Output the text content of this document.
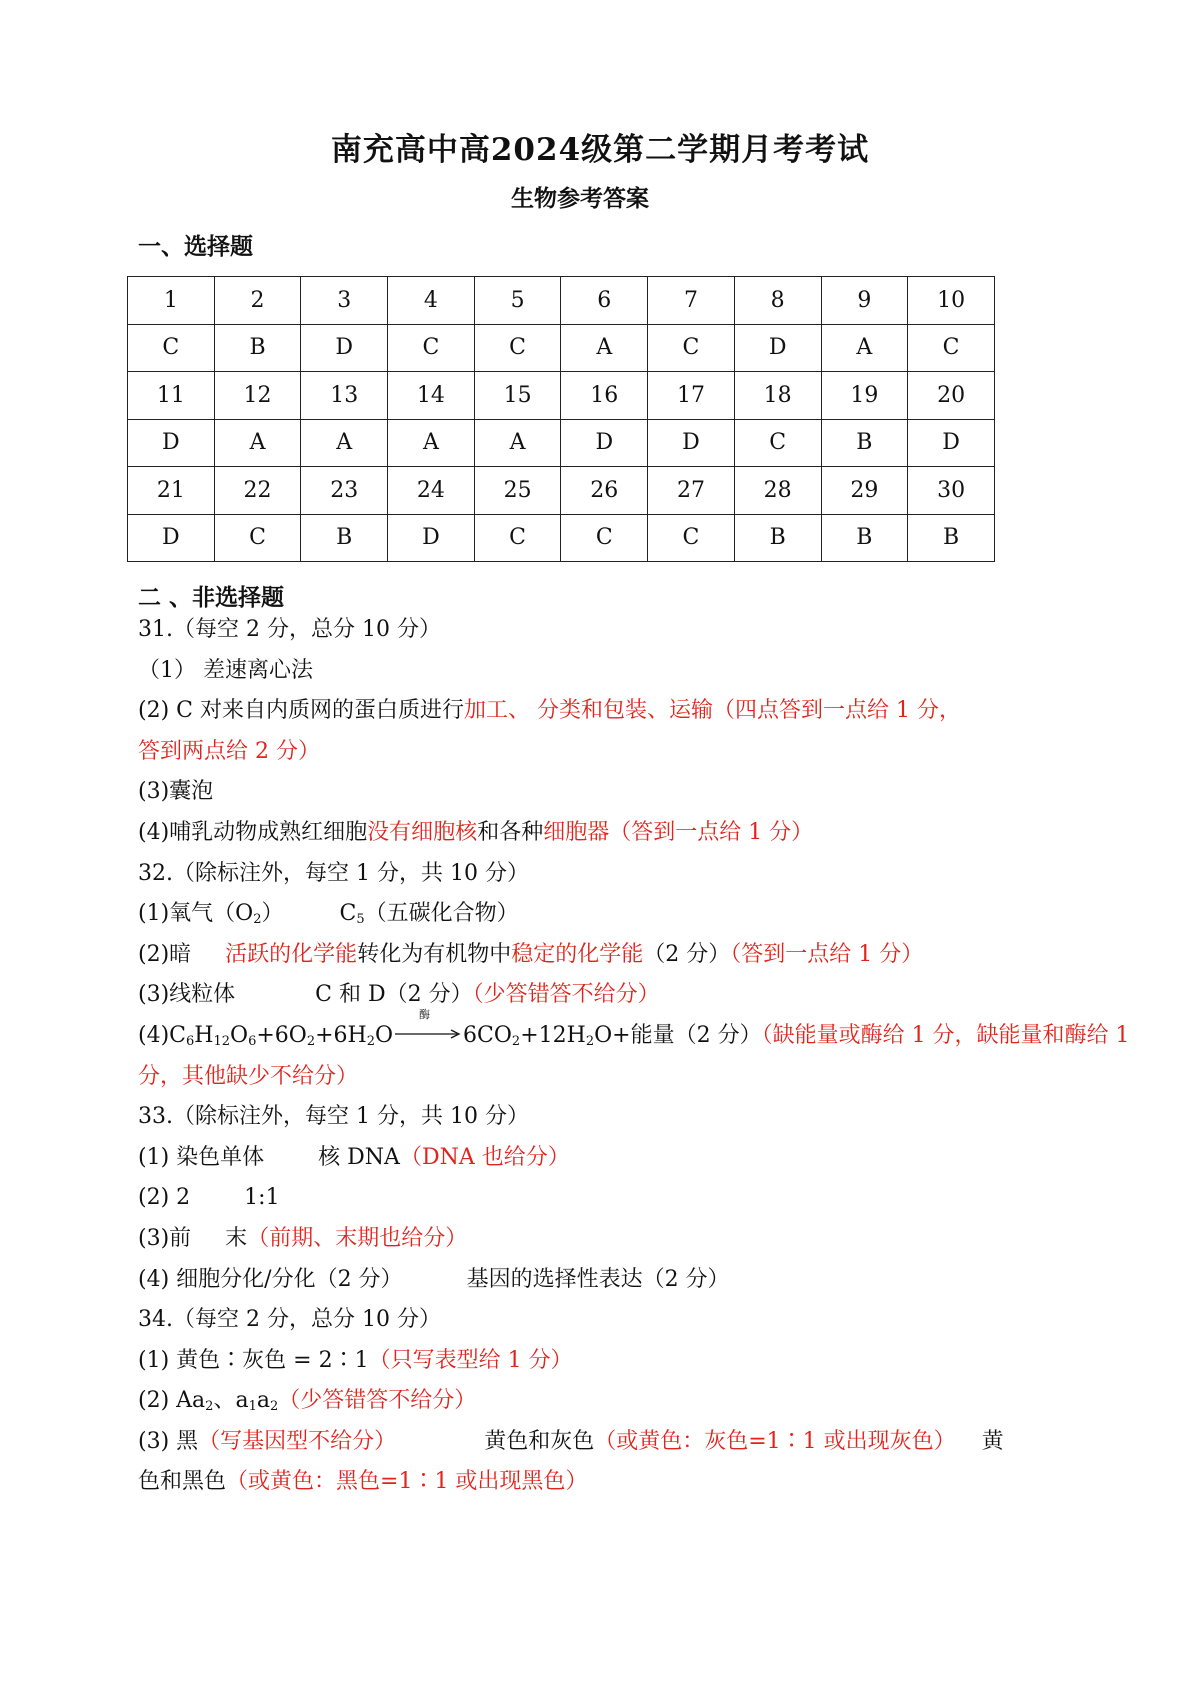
南充高中高2024级第二学期月考考试
生物参考答案
一、选择题
1	2	3	4	5	6	7	8	9	10
C	B	D	C	C	A	C	D	A	C
11	12	13	14	15	16	17	18	19	20
D	A	A	A	A	D	D	C	B	D
21	22	23	24	25	26	27	28	29	30
D	C	B	D	C	C	C	B	B	B
二 、非选择题
31.（每空 2 分，总分 10 分）
（1） 差速离心法
(2) C 对来自内质网的蛋白质进行加工、 分类和包装、运输（四点答到一点给 1 分，
答到两点给 2 分）
(3)囊泡
(4)哺乳动物成熟红细胞没有细胞核和各种细胞器（答到一点给 1 分）
32.（除标注外，每空 1 分，共 10 分）
(1)氧气$(O_2)$	$C_5$（五碳化合物）
(2)暗 活跃的化学能转化为有机物中稳定的化学能（2 分）（答到一点给 1 分）
(3)线粒体	C 和 D（2 分）（少答错答不给分）
$(4)C_6H_{12}O_6+6O_2+6H_2O$
酶
$6CO_2+12H_2O+$能量（2 分）（缺能量或酶给 1 分，缺能量和酶给 1
分，其他缺少不给分）
33.（除标注外，每空 1 分，共 10 分）
(1) 染色单体 核 DNA（DNA 也给分）
(2) 2 1:1
(3)前 末（前期、末期也给分）
(4) 细胞分化/分化（2 分）	基因的选择性表达（2 分）
34.（每空 2 分，总分 10 分）
(1) 黄色∶灰色 = 2∶1（只写表型给 1 分）
(2) $Aa_2$、$a_1a_2$（少答错答不给分）
(3) 黑（写基因型不给分）	黄色和灰色（或黄色：灰色=1∶1 或出现灰色） 黄
色和黑色（或黄色：黑色=1∶1 或出现黑色）
